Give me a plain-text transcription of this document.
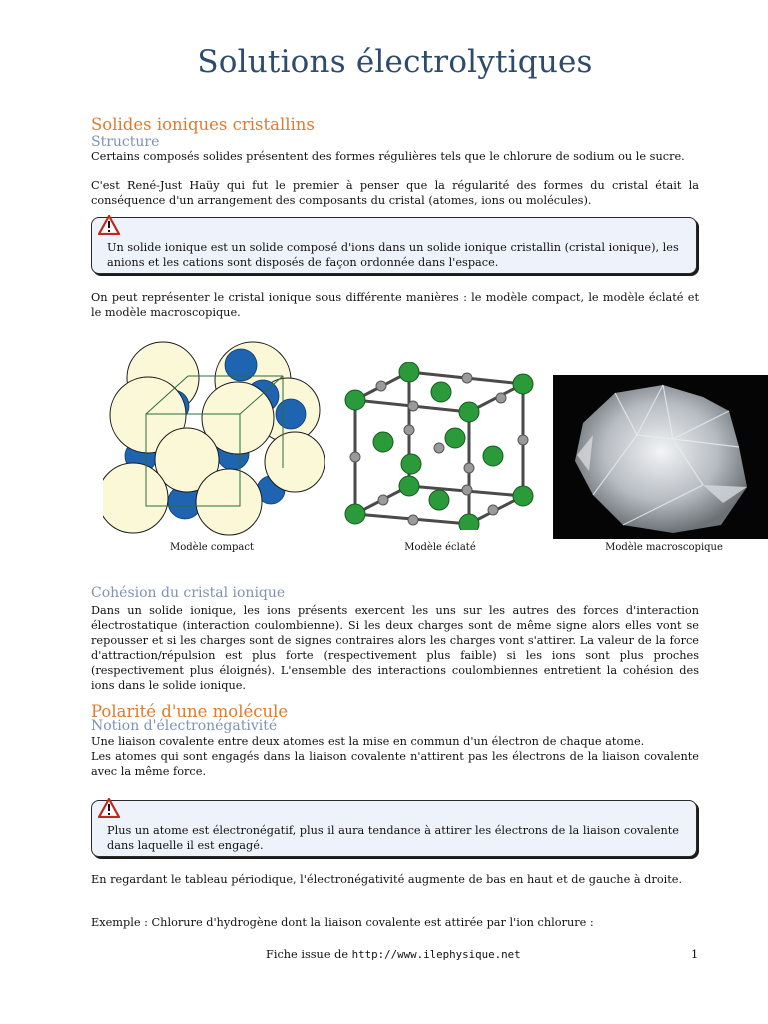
Solutions électrolytiques
Solides ioniques cristallins
Structure

Certains composés solides présentent des formes régulières tels que le chlorure de sodium ou le sucre.

C'est René-Just Haüy qui fut le premier à penser que la régularité des formes du cristal était la conséquence d'un arrangement des composants du cristal (atomes, ions ou molécules).

Un solide ionique est un solide composé d'ions dans un solide ionique cristallin (cristal ionique), les anions et les cations sont disposés de façon ordonnée dans l'espace.

On peut représenter le cristal ionique sous différente manières : le modèle compact, le modèle éclaté et le modèle macroscopique.

Modèle compact	Modèle éclaté	Modèle macroscopique
Cohésion du cristal ionique

Dans un solide ionique, les ions présents exercent les uns sur les autres des forces d'interaction électrostatique (interaction coulombienne). Si les deux charges sont de même signe alors elles vont se repousser et si les charges sont de signes contraires alors les charges vont s'attirer. La valeur de la force d'attraction/répulsion est plus forte (respectivement plus faible) si les ions sont plus proches (respectivement plus éloignés). L'ensemble des interactions coulombiennes entretient la cohésion des ions dans le solide ionique.

Polarité d'une molécule
Notion d'électronégativité

Une liaison covalente entre deux atomes est la mise en commun d'un électron de chaque atome.

Les atomes qui sont engagés dans la liaison covalente n'attirent pas les électrons de la liaison covalente avec la même force.

Plus un atome est électronégatif, plus il aura tendance à attirer les électrons de la liaison covalente dans laquelle il est engagé.

En regardant le tableau périodique, l'électronégativité augmente de bas en haut et de gauche à droite.

Exemple : Chlorure d'hydrogène dont la liaison covalente est attirée par l'ion chlorure :

Fiche issue de http://www.ilephysique.net	1
